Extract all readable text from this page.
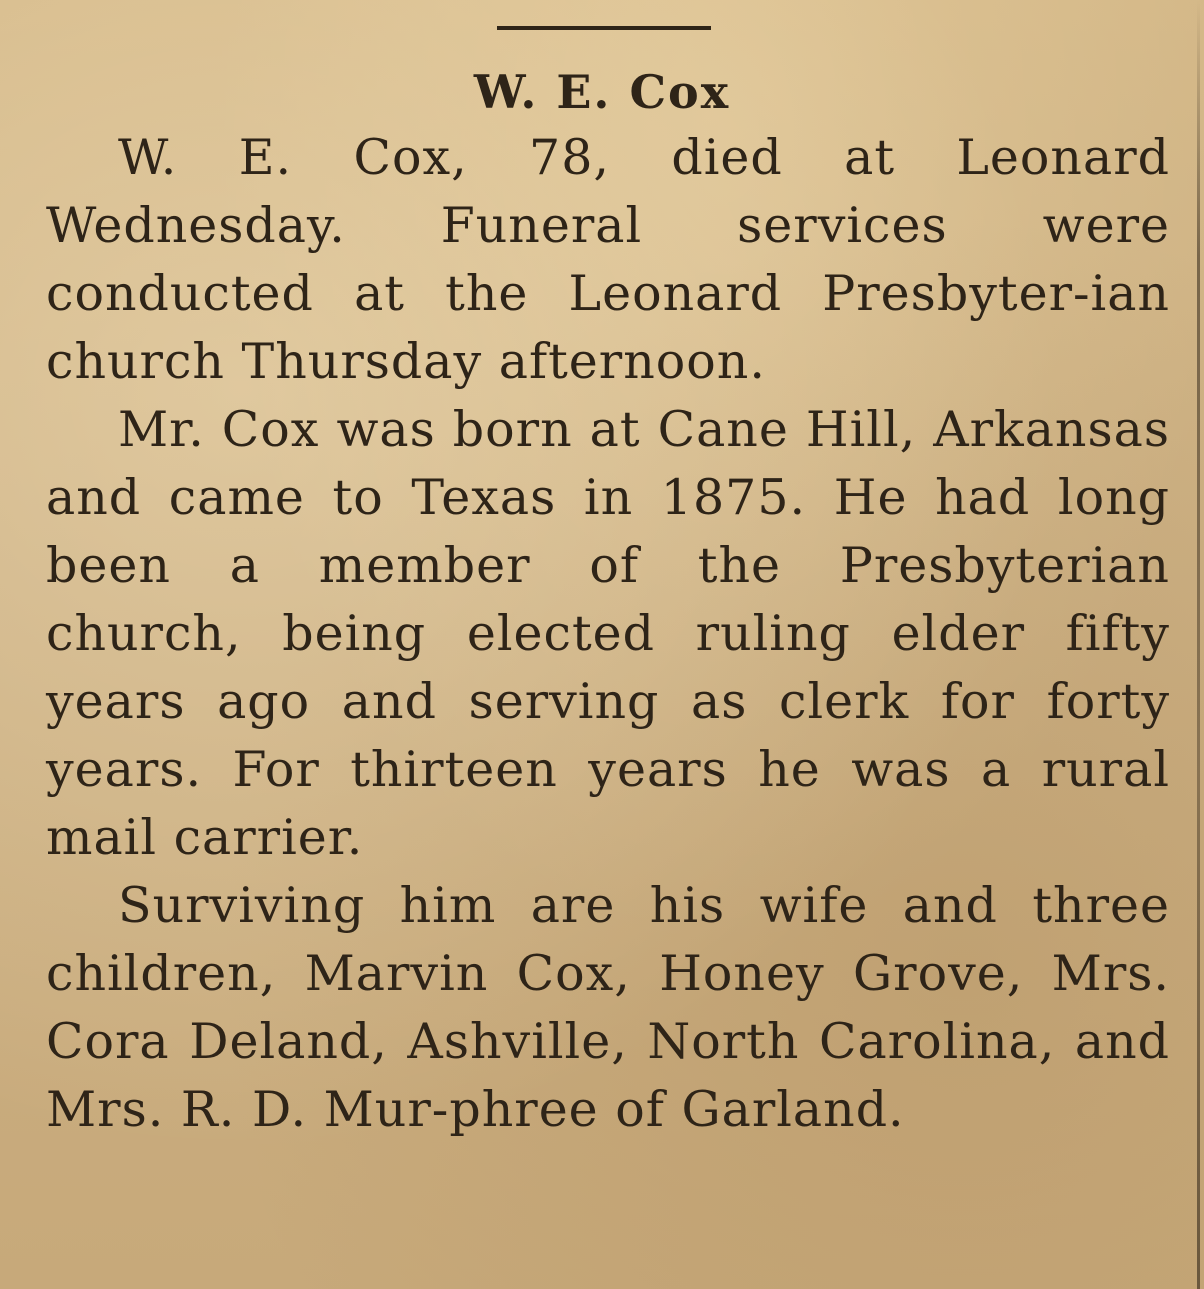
W. E. Cox

W. E. Cox, 78, died at Leonard Wednesday. Funeral services were conducted at the Leonard Presbyter-ian church Thursday afternoon.

Mr. Cox was born at Cane Hill, Arkansas and came to Texas in 1875. He had long been a member of the Presbyterian church, being elected ruling elder fifty years ago and serving as clerk for forty years. For thirteen years he was a rural mail carrier.

Surviving him are his wife and three children, Marvin Cox, Honey Grove, Mrs. Cora Deland, Ashville, North Carolina, and Mrs. R. D. Mur-phree of Garland.
